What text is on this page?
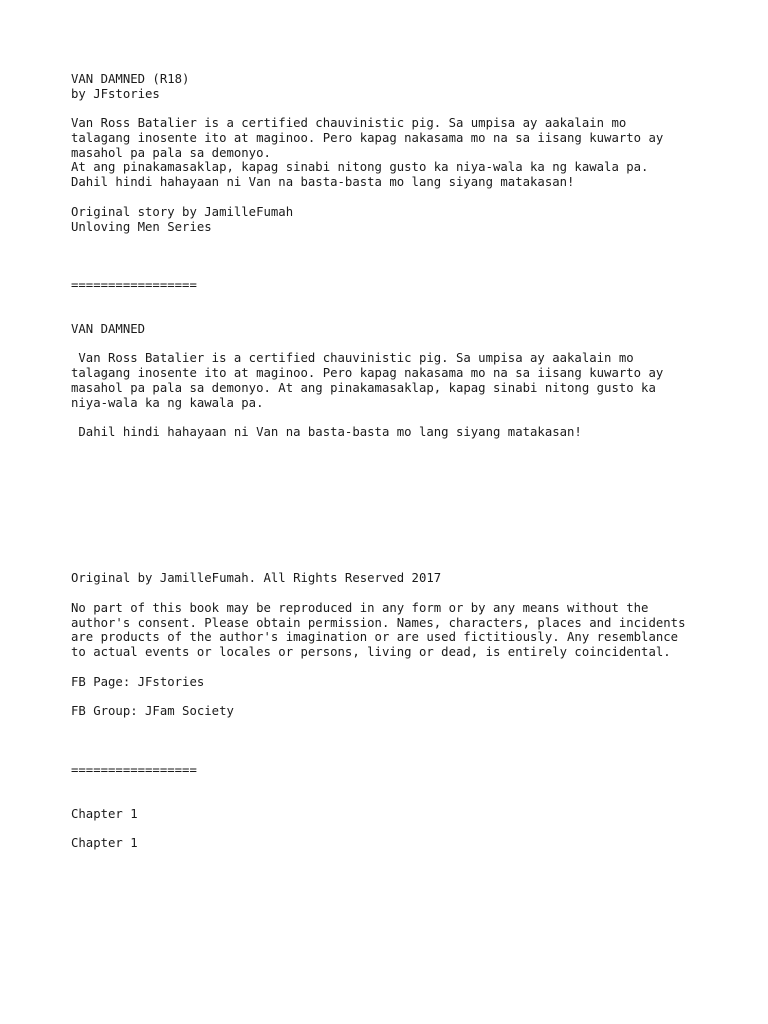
VAN DAMNED (R18)

by JFstories

Van Ross Batalier is a certified chauvinistic pig. Sa umpisa ay aakalain mo

talagang inosente ito at maginoo. Pero kapag nakasama mo na sa iisang kuwarto ay

masahol pa pala sa demonyo.

At ang pinakamasaklap, kapag sinabi nitong gusto ka niya-wala ka ng kawala pa.

Dahil hindi hahayaan ni Van na basta-basta mo lang siyang matakasan!

Original story by JamilleFumah

Unloving Men Series

=================

VAN DAMNED

Van Ross Batalier is a certified chauvinistic pig. Sa umpisa ay aakalain mo

talagang inosente ito at maginoo. Pero kapag nakasama mo na sa iisang kuwarto ay

masahol pa pala sa demonyo. At ang pinakamasaklap, kapag sinabi nitong gusto ka

niya-wala ka ng kawala pa.

Dahil hindi hahayaan ni Van na basta-basta mo lang siyang matakasan!

Original by JamilleFumah. All Rights Reserved 2017

No part of this book may be reproduced in any form or by any means without the

author's consent. Please obtain permission. Names, characters, places and incidents

are products of the author's imagination or are used fictitiously. Any resemblance

to actual events or locales or persons, living or dead, is entirely coincidental.

FB Page: JFstories

FB Group: JFam Society

=================

Chapter 1

Chapter 1
